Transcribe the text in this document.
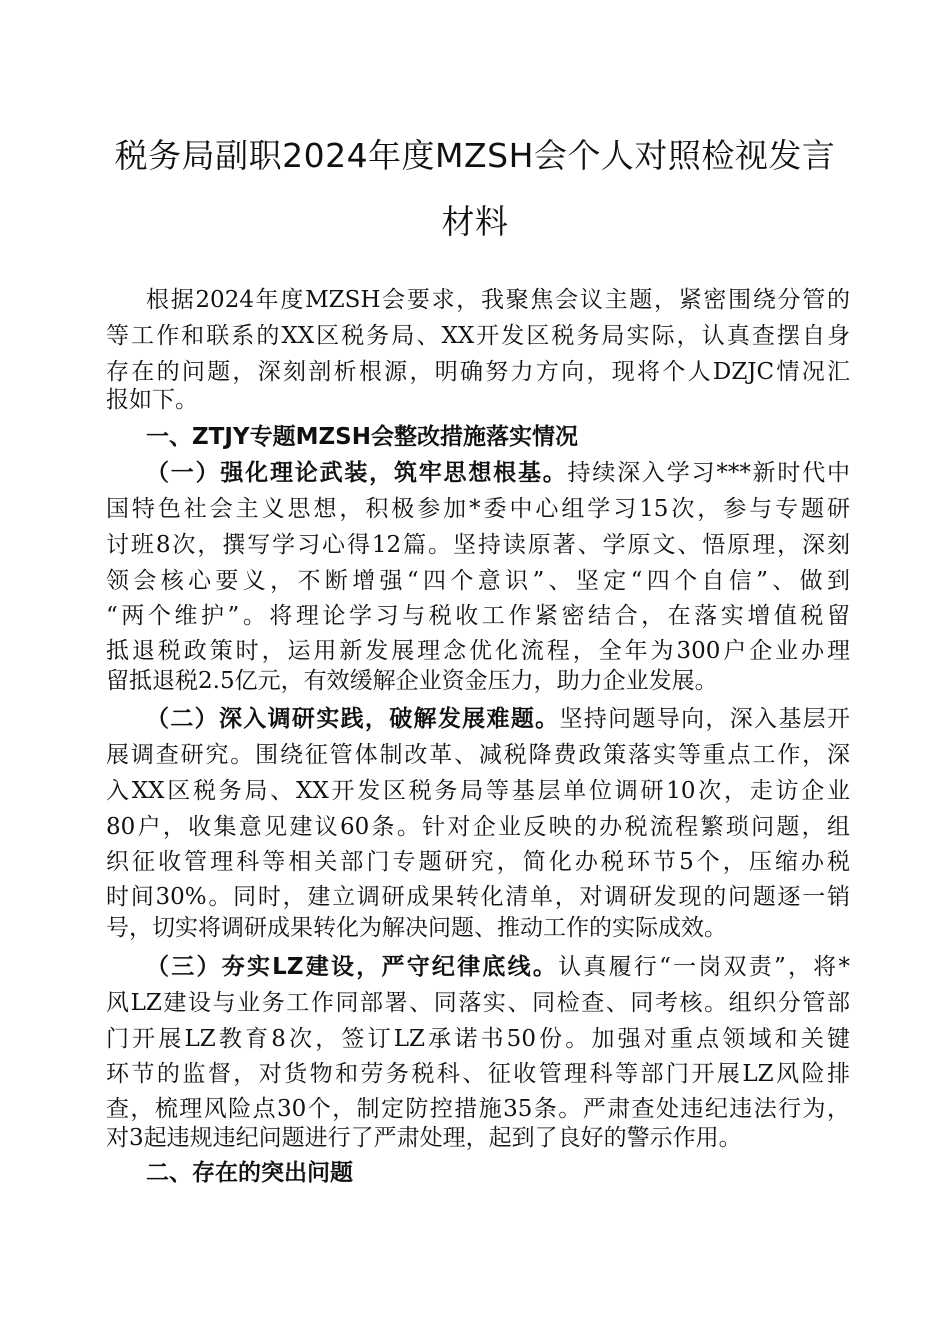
税务局副职2024年度MZSH会个人对照检视发言
材料
根据2024年度MZSH会要求，我聚焦会议主题，紧密围绕分管的
等工作和联系的XX区税务局、XX开发区税务局实际，认真查摆自身
存在的问题，深刻剖析根源，明确努力方向，现将个人DZJC情况汇
报如下。
一、ZTJY专题MZSH会整改措施落实情况
（一）强化理论武装，筑牢思想根基。持续深入学习***新时代中
国特色社会主义思想，积极参加*委中心组学习15次，参与专题研
讨班8次，撰写学习心得12篇。坚持读原著、学原文、悟原理，深刻
领会核心要义，不断增强“四个意识”、坚定“四个自信”、做到
“两个维护”。将理论学习与税收工作紧密结合，在落实增值税留
抵退税政策时，运用新发展理念优化流程，全年为300户企业办理
留抵退税2.5亿元，有效缓解企业资金压力，助力企业发展。
（二）深入调研实践，破解发展难题。坚持问题导向，深入基层开
展调查研究。围绕征管体制改革、减税降费政策落实等重点工作，深
入XX区税务局、XX开发区税务局等基层单位调研10次，走访企业
80户，收集意见建议60条。针对企业反映的办税流程繁琐问题，组
织征收管理科等相关部门专题研究，简化办税环节5个，压缩办税
时间30%。同时，建立调研成果转化清单，对调研发现的问题逐一销
号，切实将调研成果转化为解决问题、推动工作的实际成效。
（三）夯实LZ建设，严守纪律底线。认真履行“一岗双责”，将*
风LZ建设与业务工作同部署、同落实、同检查、同考核。组织分管部
门开展LZ教育8次，签订LZ承诺书50份。加强对重点领域和关键
环节的监督，对货物和劳务税科、征收管理科等部门开展LZ风险排
查，梳理风险点30个，制定防控措施35条。严肃查处违纪违法行为，
对3起违规违纪问题进行了严肃处理，起到了良好的警示作用。
二、存在的突出问题
